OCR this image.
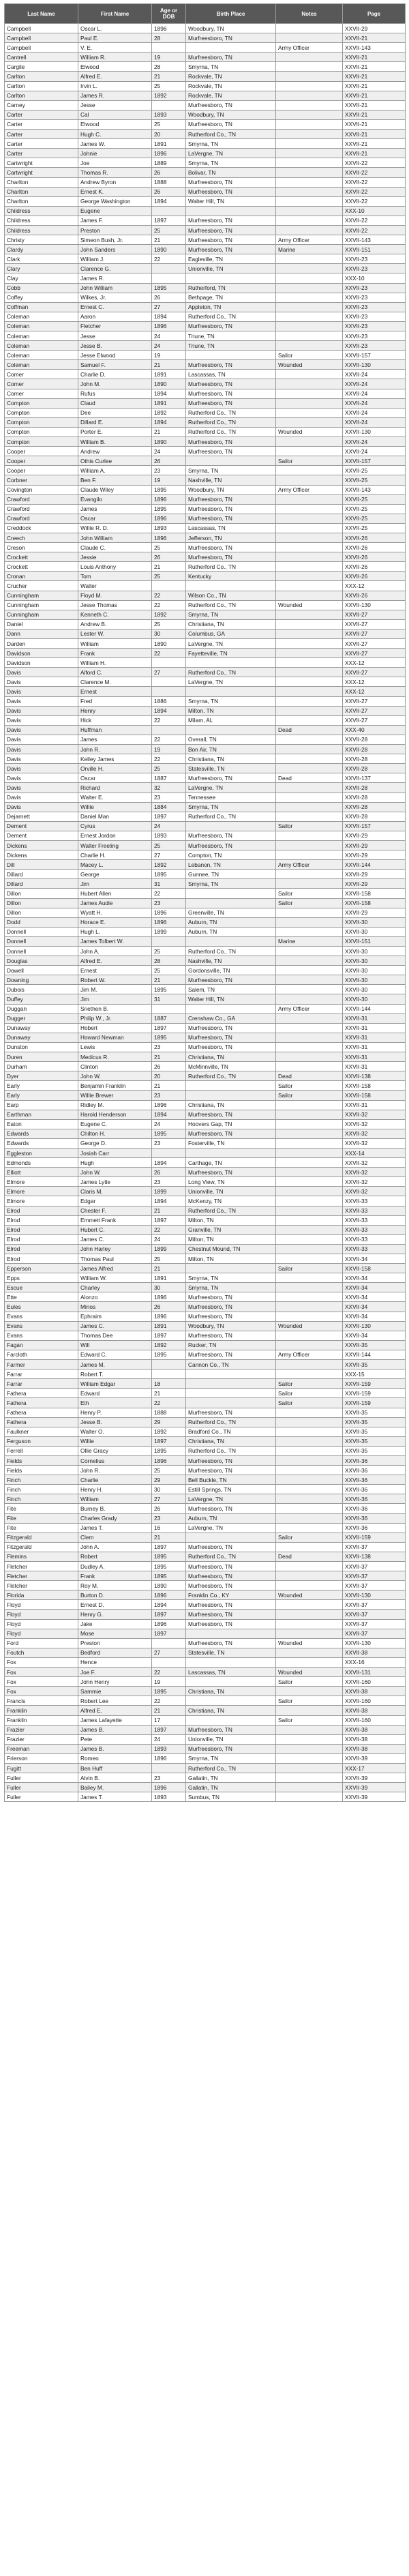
Last Name	First Name	Age or DOB	Birth Place	Notes	Page
Campbell	Oscar L.	1896	Woodbury, TN		XXVII-29
Campbell	Paul E.	28	Murfreesboro, TN		XXVII-21
Campbell	V. E.			Army Officer	XXVII-143
Cantrell	William R.	19	Murfreesboro, TN		XXVII-21
Cargile	Elwood	28	Smyrna, TN		XXVII-21
Carlton	Alfred E.	21	Rockvale, TN		XXVII-21
Carlton	Irvin L.	25	Rockvale, TN		XXVII-21
Carlton	James R.	1892	Rockvale, TN		XXVII-21
Carney	Jesse		Murfreesboro, TN		XXVII-21
Carter	Cal	1893	Woodbury, TN		XXVII-21
Carter	Elwood	25	Murfreesboro, TN		XXVII-21
Carter	Hugh C.	20	Rutherford Co., TN		XXVII-21
Carter	James W.	1891	Smyrna, TN		XXVII-21
Carter	Johnie	1896	LaVergne, TN		XXVII-21
Cartwright	Joe	1889	Smyrna, TN		XXVII-22
Cartwright	Thomas R.	26	Bolivar, TN		XXVII-22
Charlton	Andrew Byron	1888	Murfreesboro, TN		XXVII-22
Charlton	Ernest K.	26	Murfreesboro, TN		XXVII-22
Charlton	George Washington	1894	Walter Hill, TN		XXVII-22
Childress	Eugene				XXX-10
Childress	James F.	1897	Murfreesboro, TN		XXVII-22
Childress	Preston	25	Murfreesboro, TN		XXVII-22
Christy	Simeon Bush, Jr.	21	Murfreesboro, TN	Army Officer	XXVII-143
Clardy	John Sanders	1890	Murfreesboro, TN	Marine	XXVII-151
Clark	William J.	22	Eagleville, TN		XXVII-23
Clary	Clarence G.		Unionville, TN		XXVII-23
Clay	James R.				XXX-10
Cobb	John William	1895	Rutherford, TN		XXVII-23
Coffey	Wilkes, Jr.	26	Bethpage, TN		XXVII-23
Coffman	Ernest C.	27	Appleton, TN		XXVII-23
Coleman	Aaron	1894	Rutherford Co., TN		XXVII-23
Coleman	Fletcher	1896	Murfreesboro, TN		XXVII-23
Coleman	Jesse	24	Triune, TN		XXVII-23
Coleman	Jesse B.	24	Triune, TN		XXVII-23
Coleman	Jesse Elwood	19		Sailor	XXVII-157
Coleman	Samuel F.	21	Murfreesboro, TN	Wounded	XXVII-130
Comer	Charlie D.	1891	Lascassas, TN		XXVII-24
Comer	John M.	1890	Murfreesboro, TN		XXVII-24
Comer	Rufus	1894	Murfreesboro, TN		XXVII-24
Compton	Claud	1891	Murfreesboro, TN		XXVII-24
Compton	Dee	1892	Rutherford Co., TN		XXVII-24
Compton	Dillard E.	1894	Rutherford Co., TN		XXVII-24
Compton	Porter E.	21	Rutherford Co., TN	Wounded	XXVII-130
Compton	William B.	1890	Murfreesboro, TN		XXVII-24
Cooper	Andrew	24	Murfreesboro, TN		XXVII-24
Cooper	Othis Curlee	26		Sailor	XXVII-157
Cooper	William A.	23	Smyrna, TN		XXVII-25
Corbner	Ben F.	19	Nashville, TN		XXVII-25
Covington	Claude Wiley	1895	Woodbury, TN	Army Officer	XXVII-143
Crawford	Evangilo	1896	Murfreesboro, TN		XXVII-25
Crawford	James	1895	Murfreesboro, TN		XXVII-25
Crawford	Oscar	1896	Murfreesboro, TN		XXVII-25
Creddock	Willie R. D.	1893	Lascassas, TN		XXVII-25
Creech	John William	1896	Jefferson, TN		XXVII-26
Creson	Claude C.	25	Murfreesboro, TN		XXVII-26
Crockett	Jessie	26	Murfreesboro, TN		XXVII-26
Crockett	Louis Anthony	21	Rutherford Co., TN		XXVII-26
Cronan	Tom	25	Kentucky		XXVII-26
Crucher	Walter				XXX-12
Cunningham	Floyd M.	22	Wilson Co., TN		XXVII-26
Cunningham	Jesse Thomas	22	Rutherford Co., TN	Wounded	XXVII-130
Cunningham	Kenneth C.	1892	Smyrna, TN		XXVII-27
Daniel	Andrew B.	25	Christiana, TN		XXVII-27
Dann	Lester W.	30	Columbus, GA		XXVII-27
Darden	William	1890	LaVergne, TN		XXVII-27
Davidson	Frank	22	Fayetteville, TN		XXVII-27
Davidson	William H.				XXX-12
Davis	Alford C.	27	Rutherford Co., TN		XXVII-27
Davis	Clarence M.		LaVergne, TN		XXX-12
Davis	Ernest				XXX-12
Davis	Fred	1886	Smyrna, TN		XXVII-27
Davis	Henry	1894	Milton, TN		XXVII-27
Davis	Hick	22	Milam, AL		XXVII-27
Davis	Huffman			Dead	XXX-40
Davis	James	22	Overall, TN		XXVII-28
Davis	John R.	19	Bon Air, TN		XXVII-28
Davis	Kelley James	22	Christiana, TN		XXVII-28
Davis	Orville H.	25	Statesville, TN		XXVII-28
Davis	Oscar	1887	Murfreesboro, TN	Dead	XXVII-137
Davis	Richard	32	LaVergne, TN		XXVII-28
Davis	Walter E.	23	Tennessee		XXVII-28
Davis	Willie	1884	Smyrna, TN		XXVII-28
Dejarnett	Daniel Man	1897	Rutherford Co., TN		XXVII-28
Dement	Cyrus	24		Sailor	XXVII-157
Dement	Ernest Jordon	1893	Murfreesboro, TN		XXVII-29
Dickens	Walter Freeling	25	Murfreesboro, TN		XXVII-29
Dickens	Charlie H.	27	Compton, TN		XXVII-29
Dill	Macey L.	1892	Lebanon, TN	Army Officer	XXVII-144
Dillard	George	1895	Gunnee, TN		XXVII-29
Dillard	Jim	31	Smyrna, TN		XXVII-29
Dillon	Hubert Allen	22		Sailor	XXVII-158
Dillon	James Audie	23		Sailor	XXVII-158
Dillon	Wyatt H.	1896	Greenville, TN		XXVII-29
Dodd	Horace E.	1896	Auburn, TN		XXVII-30
Donnell	Hugh L.	1899	Auburn, TN		XXVII-30
Donnell	James Tolbert W.			Marine	XXVII-151
Donnell	John A.	25	Rutherford Co., TN		XXVII-30
Douglas	Alfred E.	28	Nashville, TN		XXVII-30
Dowell	Ernest	25	Gordonsville, TN		XXVII-30
Downing	Robert W.	21	Murfreesboro, TN		XXVII-30
Dubois	Jim M.	1895	Salem, TN		XXVII-30
Duffey	Jim	31	Walter Hill, TN		XXVII-30
Duggan	Snethen B.			Army Officer	XXVII-144
Dugger	Philip W., Jr.	1887	Crenshaw Co., GA		XXVII-31
Dunaway	Hobert	1897	Murfreesboro, TN		XXVII-31
Dunaway	Howard Newman	1895	Murfreesboro, TN		XXVII-31
Dunston	Lewis	23	Murfreesboro, TN		XXVII-31
Duren	Medicus R.	21	Christiana, TN		XXVII-31
Durham	Clinton	26	McMinnville, TN		XXVII-31
Dyer	John W.	20	Rutherford Co., TN	Dead	XXVII-138
Early	Benjamin Franklin	21		Sailor	XXVII-158
Early	Willie Brewer	23		Sailor	XXVII-158
Earp	Ridley M.	1896	Christiana, TN		XXVII-31
Earthman	Harold Henderson	1894	Murfreesboro, TN		XXVII-32
Eaton	Eugene C.	24	Hoovers Gap, TN		XXVII-32
Edwards	Chilton H.	1895	Murfreesboro, TN		XXVII-32
Edwards	George D.	23	Fosterville, TN		XXVII-32
Eggleston	Josiah Carr				XXX-14
Edmonds	Hugh	1894	Carthage, TN		XXVII-32
Elliott	John W.	26	Murfreesboro, TN		XXVII-32
Elmore	James Lytle	23	Long View, TN		XXVII-32
Elmore	Claris M.	1899	Unionville, TN		XXVII-32
Elmore	Edgar	1894	McKenzy, TN		XXVII-33
Elrod	Chester F.	21	Rutherford Co., TN		XXVII-33
Elrod	Emmett Frank	1897	Milton, TN		XXVII-33
Elrod	Hubert C.	22	Granville, TN		XXVII-33
Elrod	James C.	24	Milton, TN		XXVII-33
Elrod	John Harley	1899	Chestnut Mound, TN		XXVII-33
Elrod	Thomas Paul	25	Milton, TN		XXVII-34
Epperson	James Alfred	21		Sailor	XXVII-158
Epps	William W.	1891	Smyrna, TN		XXVII-34
Escue	Charley	30	Smyrna, TN		XXVII-34
Ette	Alonzo	1896	Murfreesboro, TN		XXVII-34
Eules	Minos	26	Murfreesboro, TN		XXVII-34
Evans	Ephraim	1896	Murfreesboro, TN		XXVII-34
Evans	James C.	1891	Woodbury, TN	Wounded	XXVII-130
Evans	Thomas Dee	1897	Murfreesboro, TN		XXVII-34
Fagan	Will	1892	Rucker, TN		XXVII-35
Farcloth	Edward C.	1895	Murfreesboro, TN	Army Officer	XXVII-144
Farmer	James M.		Cannon Co., TN		XXVII-35
Farrar	Robert T.				XXX-15
Farrar	William Edgar	18		Sailor	XXVII-159
Fathera	Edward	21		Sailor	XXVII-159
Fathera	Eth	22		Sailor	XXVII-159
Fathera	Henry P.	1888	Murfreesboro, TN		XXVII-35
Fathera	Jesse B.	29	Rutherford Co., TN		XXVII-35
Faulkner	Walter O.	1892	Bradford Co., TN		XXVII-35
Ferguson	Willie	1897	Christiana, TN		XXVII-35
Ferrell	Ollie Gracy	1895	Rutherford Co., TN		XXVII-35
Fields	Cornelius	1896	Murfreesboro, TN		XXVII-36
Fields	John R.	25	Murfreesboro, TN		XXVII-36
Finch	Charlie	29	Bell Buckle, TN		XXVII-36
Finch	Henry H.	30	Estill Springs, TN		XXVII-36
Finch	William	27	LaVergne, TN		XXVII-36
Fite	Burney B.	26	Murfreesboro, TN		XXVII-36
Fite	Charles Grady	23	Auburn, TN		XXVII-36
Fite	James T.	16	LaVergne, TN		XXVII-36
Fitzgerald	Clem	21		Sailor	XXVII-159
Fitzgerald	John A.	1897	Murfreesboro, TN		XXVII-37
Flemins	Robert	1895	Rutherford Co., TN	Dead	XXVII-138
Fletcher	Dudley A.	1895	Murfreesboro, TN		XXVII-37
Fletcher	Frank	1895	Murfreesboro, TN		XXVII-37
Fletcher	Roy M.	1890	Murfreesboro, TN		XXVII-37
Florida	Burton D.	1896	Franklin Co., KY	Wounded	XXVII-130
Floyd	Ernest D.	1894	Murfreesboro, TN		XXVII-37
Floyd	Henry G.	1897	Murfreesboro, TN		XXVII-37
Floyd	Jake	1896	Murfreesboro, TN		XXVII-37
Floyd	Mose	1897			XXVII-37
Ford	Preston		Murfreesboro, TN	Wounded	XXVII-130
Foutch	Bedford	27	Statesville, TN		XXVII-38
Fox	Hence				XXX-16
Fox	Joe F.	22	Lascassas, TN	Wounded	XXVII-131
Fox	John Henry	19		Sailor	XXVII-160
Fox	Sammie	1895	Christiana, TN		XXVII-38
Francis	Robert Lee	22		Sailor	XXVII-160
Franklin	Alfred E.	21	Christiana, TN		XXVII-38
Franklin	James Lafayette	17		Sailor	XXVII-160
Frazier	James B.	1897	Murfreesboro, TN		XXVII-38
Frazier	Pete	24	Unionville, TN		XXVII-38
Freeman	James B.	1893	Murfreesboro, TN		XXVII-38
Frierson	Romeo	1896	Smyrna, TN		XXVII-39
Fugitt	Ben Huff		Rutherford Co., TN		XXX-17
Fuller	Alvin B.	23	Gallatin, TN		XXVII-39
Fuller	Bailey M.	1896	Gallatin, TN		XXVII-39
Fuller	James T.	1893	Sumbus, TN		XXVII-39
